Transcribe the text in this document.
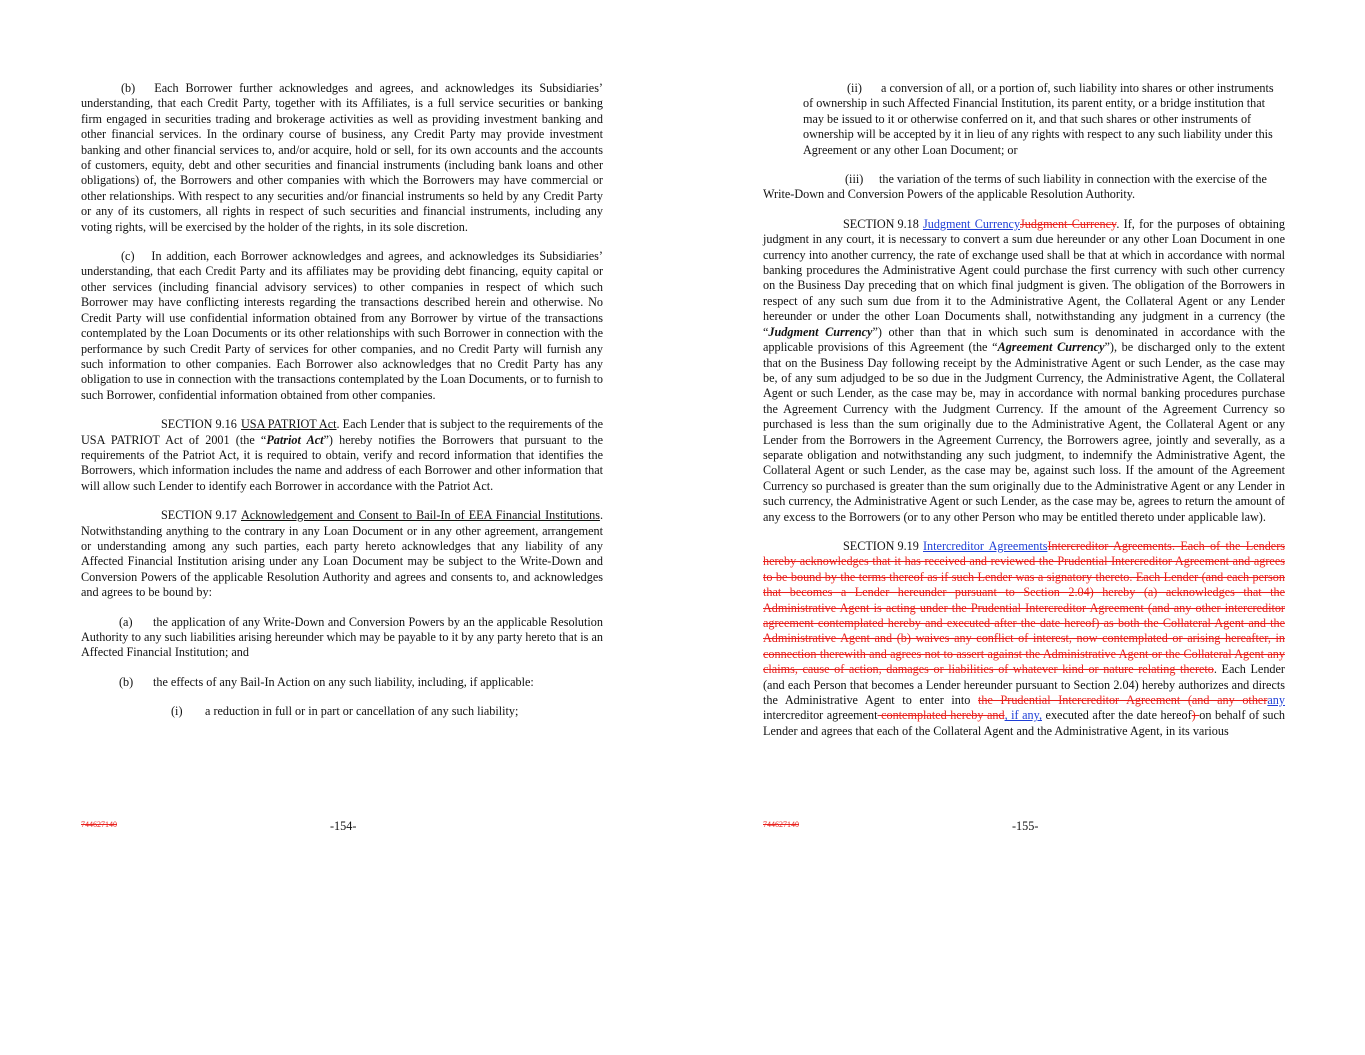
(b)  Each Borrower further acknowledges and agrees, and acknowledges its Subsidiaries’ understanding, that each Credit Party, together with its Affiliates, is a full service securities or banking firm engaged in securities trading and brokerage activities as well as providing investment banking and other financial services. In the ordinary course of business, any Credit Party may provide investment banking and other financial services to, and/or acquire, hold or sell, for its own accounts and the accounts of customers, equity, debt and other securities and financial instruments (including bank loans and other obligations) of, the Borrowers and other companies with which the Borrowers may have commercial or other relationships. With respect to any securities and/or financial instruments so held by any Credit Party or any of its customers, all rights in respect of such securities and financial instruments, including any voting rights, will be exercised by the holder of the rights, in its sole discretion.

(c)  In addition, each Borrower acknowledges and agrees, and acknowledges its Subsidiaries’ understanding, that each Credit Party and its affiliates may be providing debt financing, equity capital or other services (including financial advisory services) to other companies in respect of which such Borrower may have conflicting interests regarding the transactions described herein and otherwise. No Credit Party will use confidential information obtained from any Borrower by virtue of the transactions contemplated by the Loan Documents or its other relationships with such Borrower in connection with the performance by such Credit Party of services for other companies, and no Credit Party will furnish any such information to other companies. Each Borrower also acknowledges that no Credit Party has any obligation to use in connection with the transactions contemplated by the Loan Documents, or to furnish to such Borrower, confidential information obtained from other companies.

SECTION 9.16 USA PATRIOT Act. Each Lender that is subject to the requirements of the USA PATRIOT Act of 2001 (the “Patriot Act”) hereby notifies the Borrowers that pursuant to the requirements of the Patriot Act, it is required to obtain, verify and record information that identifies the Borrowers, which information includes the name and address of each Borrower and other information that will allow such Lender to identify each Borrower in accordance with the Patriot Act.

SECTION 9.17 Acknowledgement and Consent to Bail-In of EEA Financial Institutions. Notwithstanding anything to the contrary in any Loan Document or in any other agreement, arrangement or understanding among any such parties, each party hereto acknowledges that any liability of any Affected Financial Institution arising under any Loan Document may be subject to the Write-Down and Conversion Powers of the applicable Resolution Authority and agrees and consents to, and acknowledges and agrees to be bound by:

(a) the application of any Write-Down and Conversion Powers by an the applicable Resolution Authority to any such liabilities arising hereunder which may be payable to it by any party hereto that is an Affected Financial Institution; and

(b) the effects of any Bail-In Action on any such liability, including, if applicable:

(i) a reduction in full or in part or cancellation of any such liability;

744627140	-154-

(ii) a conversion of all, or a portion of, such liability into shares or other instruments of ownership in such Affected Financial Institution, its parent entity, or a bridge institution that may be issued to it or otherwise conferred on it, and that such shares or other instruments of ownership will be accepted by it in lieu of any rights with respect to any such liability under this Agreement or any other Loan Document; or

(iii) the variation of the terms of such liability in connection with the exercise of the Write-Down and Conversion Powers of the applicable Resolution Authority.

SECTION 9.18 Judgment CurrencyJudgment Currency. If, for the purposes of obtaining judgment in any court, it is necessary to convert a sum due hereunder or any other Loan Document in one currency into another currency, the rate of exchange used shall be that at which in accordance with normal banking procedures the Administrative Agent could purchase the first currency with such other currency on the Business Day preceding that on which final judgment is given. The obligation of the Borrowers in respect of any such sum due from it to the Administrative Agent, the Collateral Agent or any Lender hereunder or under the other Loan Documents shall, notwithstanding any judgment in a currency (the “Judgment Currency”) other than that in which such sum is denominated in accordance with the applicable provisions of this Agreement (the “Agreement Currency”), be discharged only to the extent that on the Business Day following receipt by the Administrative Agent or such Lender, as the case may be, of any sum adjudged to be so due in the Judgment Currency, the Administrative Agent, the Collateral Agent or such Lender, as the case may be, may in accordance with normal banking procedures purchase the Agreement Currency with the Judgment Currency. If the amount of the Agreement Currency so purchased is less than the sum originally due to the Administrative Agent, the Collateral Agent or any Lender from the Borrowers in the Agreement Currency, the Borrowers agree, jointly and severally, as a separate obligation and notwithstanding any such judgment, to indemnify the Administrative Agent, the Collateral Agent or such Lender, as the case may be, against such loss. If the amount of the Agreement Currency so purchased is greater than the sum originally due to the Administrative Agent or any Lender in such currency, the Administrative Agent or such Lender, as the case may be, agrees to return the amount of any excess to the Borrowers (or to any other Person who may be entitled thereto under applicable law).

SECTION 9.19 Intercreditor AgreementsIntercreditor Agreements. Each of the Lenders hereby acknowledges that it has received and reviewed the Prudential Intercreditor Agreement and agrees to be bound by the terms thereof as if such Lender was a signatory thereto. Each Lender (and each person that becomes a Lender hereunder pursuant to Section 2.04) hereby (a) acknowledges that the Administrative Agent is acting under the Prudential Intercreditor Agreement (and any other intercreditor agreement contemplated hereby and executed after the date hereof) as both the Collateral Agent and the Administrative Agent and (b) waives any conflict of interest, now contemplated or arising hereafter, in connection therewith and agrees not to assert against the Administrative Agent or the Collateral Agent any claims, cause of action, damages or liabilities of whatever kind or nature relating thereto. Each Lender (and each Person that becomes a Lender hereunder pursuant to Section 2.04) hereby authorizes and directs the Administrative Agent to enter into the Prudential Intercreditor Agreement (and any otherany intercreditor agreement contemplated hereby and, if any, executed after the date hereof) on behalf of such Lender and agrees that each of the Collateral Agent and the Administrative Agent, in its various

744627140	-155-
